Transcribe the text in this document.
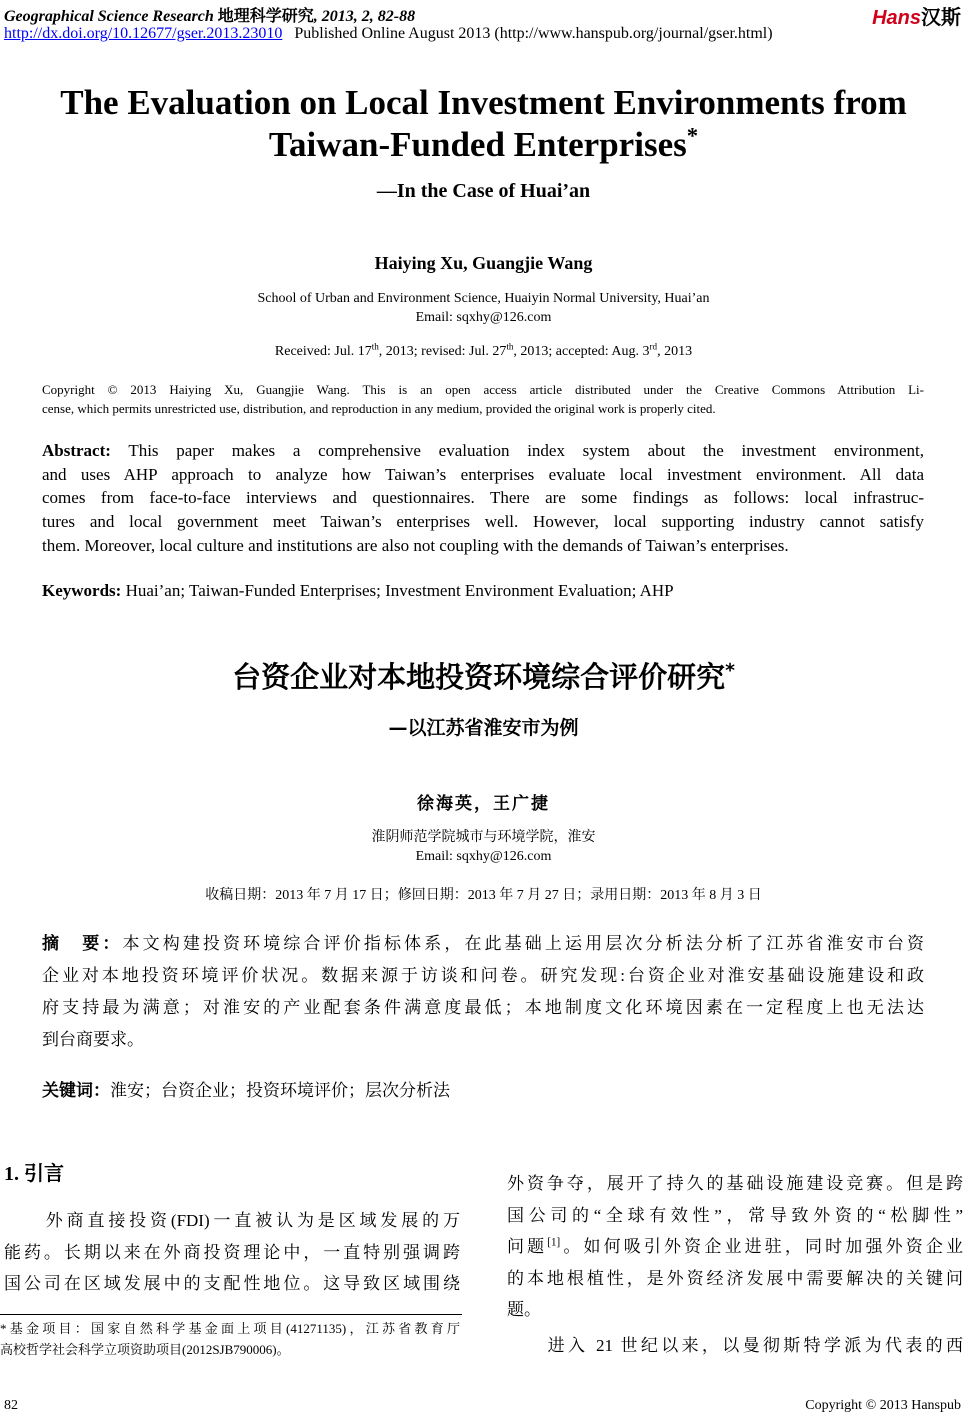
Geographical Science Research 地理科学研究, 2013, 2, 82-88
http://dx.doi.org/10.12677/gser.2013.23010 Published Online August 2013 (http://www.hanspub.org/journal/gser.html)
Hans汉斯
The Evaluation on Local Investment Environments from
Taiwan-Funded Enterprises*
—In the Case of Huai’an
Haiying Xu, Guangjie Wang
School of Urban and Environment Science, Huaiyin Normal University, Huai’an
Email: sqxhy@126.com
Received: Jul. 17th, 2013; revised: Jul. 27th, 2013; accepted: Aug. 3rd, 2013
Copyright © 2013 Haiying Xu, Guangjie Wang. This is an open access article distributed under the Creative Commons Attribution Li-
cense, which permits unrestricted use, distribution, and reproduction in any medium, provided the original work is properly cited.
Abstract: This paper makes a comprehensive evaluation index system about the investment environment,
and uses AHP approach to analyze how Taiwan’s enterprises evaluate local investment environment. All data
comes from face-to-face interviews and questionnaires. There are some findings as follows: local infrastruc-
tures and local government meet Taiwan’s enterprises well. However, local supporting industry cannot satisfy
them. Moreover, local culture and institutions are also not coupling with the demands of Taiwan’s enterprises.
Keywords: Huai’an; Taiwan-Funded Enterprises; Investment Environment Evaluation; AHP
台资企业对本地投资环境综合评价研究*
—以江苏省淮安市为例
徐海英，王广捷
淮阴师范学院城市与环境学院，淮安
Email: sqxhy@126.com
收稿日期：2013 年 7 月 17 日；修回日期：2013 年 7 月 27 日；录用日期：2013 年 8 月 3 日
摘　要：本文构建投资环境综合评价指标体系，在此基础上运用层次分析法分析了江苏省淮安市台资
企业对本地投资环境评价状况。数据来源于访谈和问卷。研究发现:台资企业对淮安基础设施建设和政
府支持最为满意；对淮安的产业配套条件满意度最低；本地制度文化环境因素在一定程度上也无法达
到台商要求。
关键词：淮安；台资企业；投资环境评价；层次分析法
1. 引言
　　外商直接投资(FDI)一直被认为是区域发展的万
能药。长期以来在外商投资理论中，一直特别强调跨
国公司在区域发展中的支配性地位。这导致区域围绕
*基金项目：国家自然科学基金面上项目(41271135)，江苏省教育厅
高校哲学社会科学立项资助项目(2012SJB790006)。
外资争夺，展开了持久的基础设施建设竞赛。但是跨
国公司的“全球有效性”，常导致外资的“松脚性”
问题[1]。如何吸引外资企业进驻，同时加强外资企业
的本地根植性，是外资经济发展中需要解决的关键问
题。
　　进入 21 世纪以来，以曼彻斯特学派为代表的西
82	Copyright © 2013 Hanspub
